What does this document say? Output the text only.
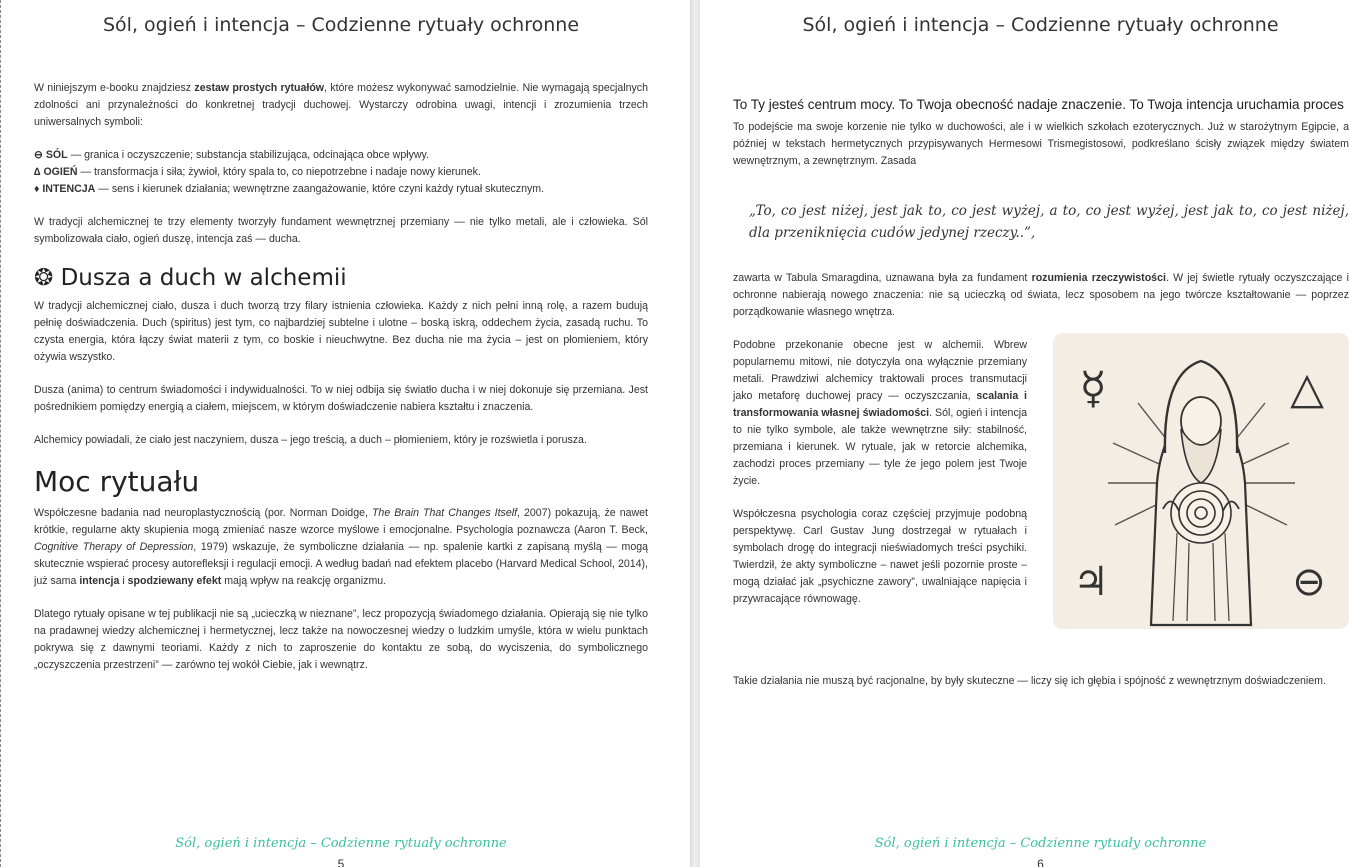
Sól, ogień i intencja – Codzienne rytuały ochronne

W niniejszym e-booku znajdziesz zestaw prostych rytuałów, które możesz wykonywać samodzielnie. Nie wymagają specjalnych zdolności ani przynależności do konkretnej tradycji duchowej. Wystarczy odrobina uwagi, intencji i zrozumienia trzech uniwersalnych symboli:

⊖ SÓL — granica i oczyszczenie; substancja stabilizująca, odcinająca obce wpływy.
∆ OGIEŃ — transformacja i siła; żywioł, który spala to, co niepotrzebne i nadaje nowy kierunek.
♦ INTENCJA — sens i kierunek działania; wewnętrzne zaangażowanie, które czyni każdy rytuał skutecznym.

W tradycji alchemicznej te trzy elementy tworzyły fundament wewnętrznej przemiany — nie tylko metali, ale i człowieka. Sól symbolizowała ciało, ogień duszę, intencja zaś — ducha.

❂ Dusza a duch w alchemii

W tradycji alchemicznej ciało, dusza i duch tworzą trzy filary istnienia człowieka. Każdy z nich pełni inną rolę, a razem budują pełnię doświadczenia. Duch (spiritus) jest tym, co najbardziej subtelne i ulotne – boską iskrą, oddechem życia, zasadą ruchu. To czysta energia, która łączy świat materii z tym, co boskie i nieuchwytne. Bez ducha nie ma życia – jest on płomieniem, który ożywia wszystko.

Dusza (anima) to centrum świadomości i indywidualności. To w niej odbija się światło ducha i w niej dokonuje się przemiana. Jest pośrednikiem pomiędzy energią a ciałem, miejscem, w którym doświadczenie nabiera kształtu i znaczenia.

Alchemicy powiadali, że ciało jest naczyniem, dusza – jego treścią, a duch – płomieniem, który je rozświetla i porusza.

Moc rytuału

Współczesne badania nad neuroplastycznością (por. Norman Doidge, The Brain That Changes Itself, 2007) pokazują, że nawet krótkie, regularne akty skupienia mogą zmieniać nasze wzorce myślowe i emocjonalne. Psychologia poznawcza (Aaron T. Beck, Cognitive Therapy of Depression, 1979) wskazuje, że symboliczne działania — np. spalenie kartki z zapisaną myślą — mogą skutecznie wspierać procesy autorefleksji i regulacji emocji. A według badań nad efektem placebo (Harvard Medical School, 2014), już sama intencja i spodziewany efekt mają wpływ na reakcję organizmu.

Dlatego rytuały opisane w tej publikacji nie są „ucieczką w nieznane”, lecz propozycją świadomego działania. Opierają się nie tylko na pradawnej wiedzy alchemicznej i hermetycznej, lecz także na nowoczesnej wiedzy o ludzkim umyśle, która w wielu punktach pokrywa się z dawnymi teoriami. Każdy z nich to zaproszenie do kontaktu ze sobą, do wyciszenia, do symbolicznego „oczyszczenia przestrzeni” — zarówno tej wokół Ciebie, jak i wewnątrz.

Sól, ogień i intencja – Codzienne rytuały ochronne
5
Sól, ogień i intencja – Codzienne rytuały ochronne
To Ty jesteś centrum mocy. To Twoja obecność nadaje znaczenie. To Twoja intencja uruchamia proces

To podejście ma swoje korzenie nie tylko w duchowości, ale i w wielkich szkołach ezoterycznych. Już w starożytnym Egipcie, a później w tekstach hermetycznych przypisywanych Hermesowi Trismegistosowi, podkreślano ścisły związek między światem wewnętrznym, a zewnętrznym. Zasada

„To, co jest niżej, jest jak to, co jest wyżej, a to, co jest wyżej, jest jak to, co jest niżej, dla przeniknięcia cudów jedynej rzeczy..”,

zawarta w Tabula Smaragdina, uznawana była za fundament rozumienia rzeczywistości. W jej świetle rytuały oczyszczające i ochronne nabierają nowego znaczenia: nie są ucieczką od świata, lecz sposobem na jego twórcze kształtowanie — poprzez porządkowanie własnego wnętrza.

Podobne przekonanie obecne jest w alchemii. Wbrew popularnemu mitowi, nie dotyczyła ona wyłącznie przemiany metali. Prawdziwi alchemicy traktowali proces transmutacji jako metaforę duchowej pracy — oczyszczania, scalania i transformowania własnej świadomości. Sól, ogień i intencja to nie tylko symbole, ale także wewnętrzne siły: stabilność, przemiana i kierunek. W rytuale, jak w retorcie alchemika, zachodzi proces przemiany — tyle że jego polem jest Twoje życie.

Współczesna psychologia coraz częściej przyjmuje podobną perspektywę. Carl Gustav Jung dostrzegał w rytuałach i symbolach drogę do integracji nieświadomych treści psychiki. Twierdził, że akty symboliczne – nawet jeśli pozornie proste – mogą działać jak „psychiczne zawory”, uwalniające napięcia i przywracające równowagę.

☿	△
♃	⊖

Takie działania nie muszą być racjonalne, by były skuteczne — liczy się ich głębia i spójność z wewnętrznym doświadczeniem.

Sól, ogień i intencja – Codzienne rytuały ochronne
6
